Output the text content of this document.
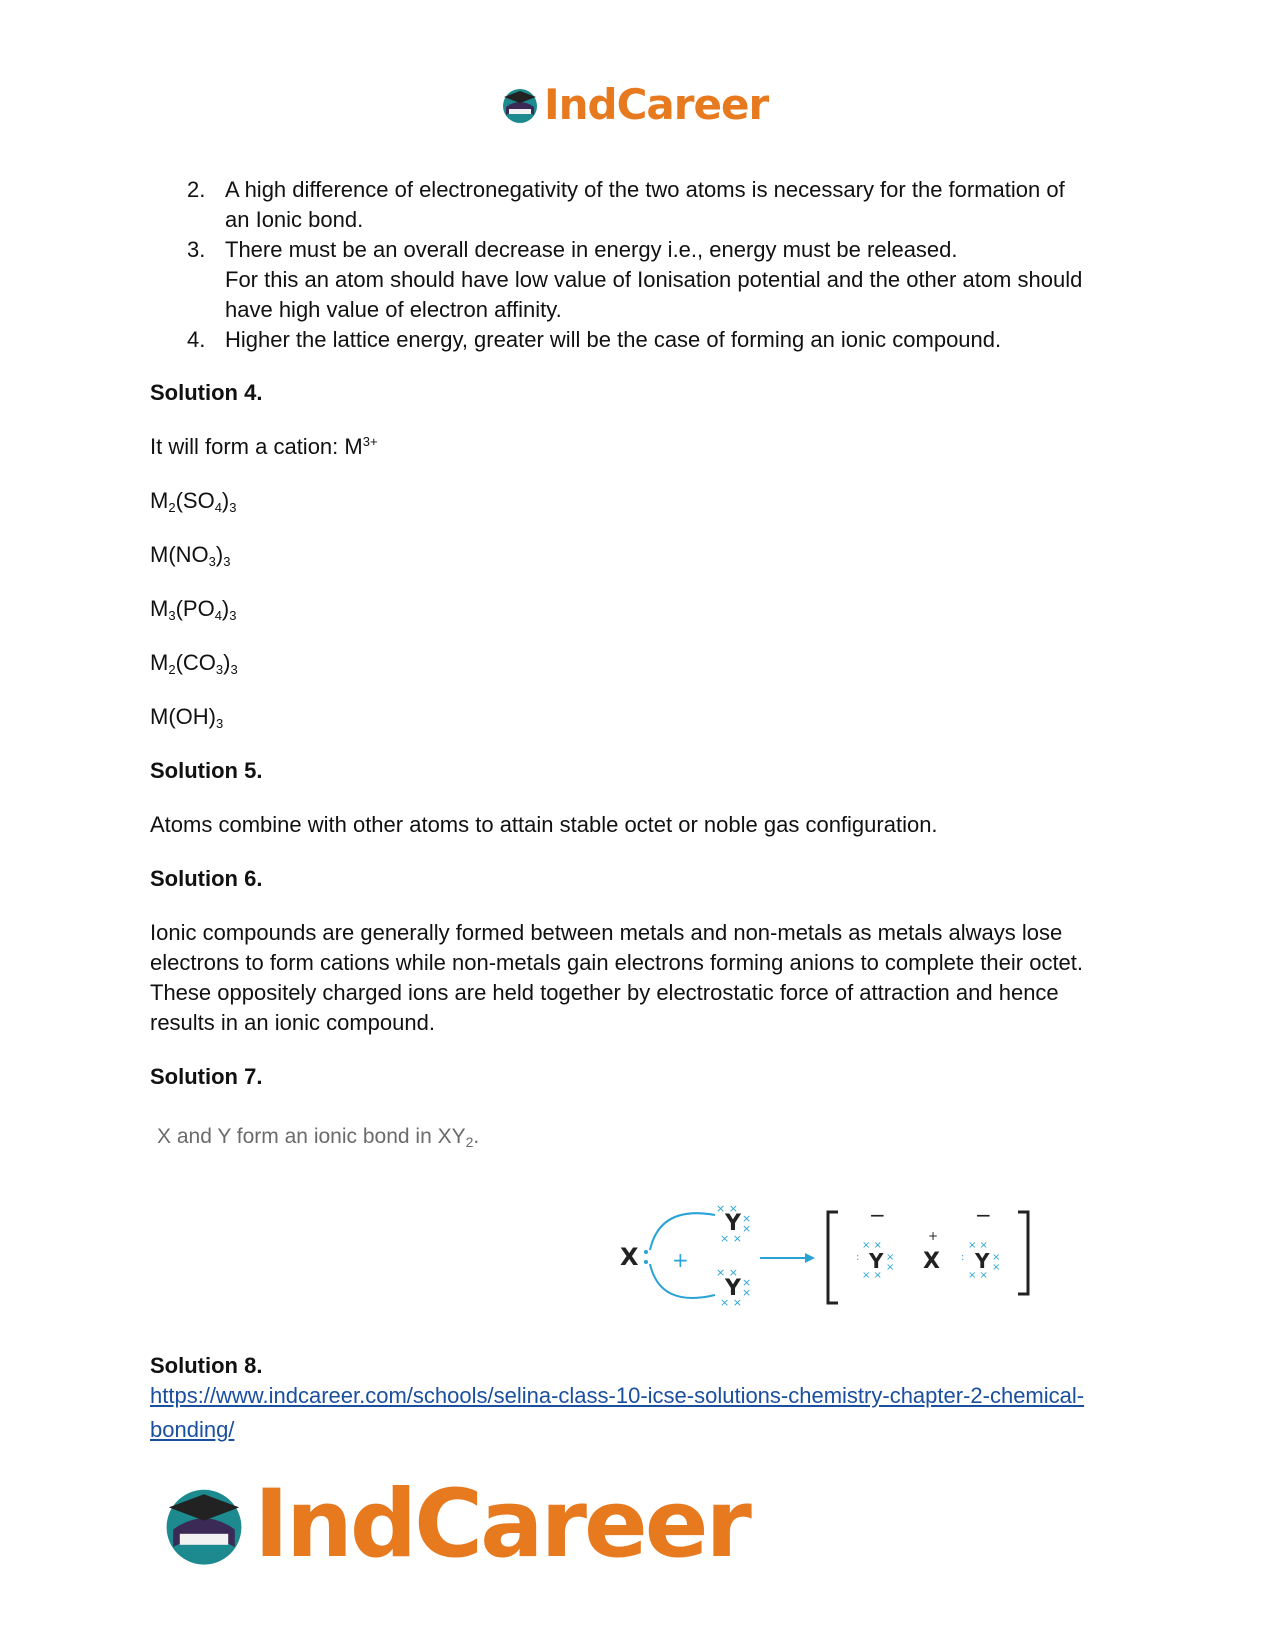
IndCareer
2. A high difference of electronegativity of the two atoms is necessary for the formation of
an Ionic bond.
3. There must be an overall decrease in energy i.e., energy must be released.
For this an atom should have low value of Ionisation potential and the other atom should
have high value of electron affinity.
4. Higher the lattice energy, greater will be the case of forming an ionic compound.

Solution 4.

It will form a cation: $M^{3+}$

$M_2(SO_4)_3$

$M(NO_3)_3$

$M_3(PO_4)_3$

$M_2(CO_3)_3$

$M(OH)_3$

Solution 5.

Atoms combine with other atoms to attain stable octet or noble gas configuration.

Solution 6.

Ionic compounds are generally formed between metals and non-metals as metals always lose
electrons to form cations while non-metals gain electrons forming anions to complete their octet.
These oppositely charged ions are held together by electrostatic force of attraction and hence
results in an ionic compound.

Solution 7.

X and Y form an ionic bond in $XY_2$.

X +
Y
Y
× ×
×
×
× ×
× ×
×
×
× ×
−
Y
+
X
−
Y
× ×
:	×
×
× ×
× ×
:	×
×
× ×

Solution 8.

https://www.indcareer.com/schools/selina-class-10-icse-solutions-chemistry-chapter-2-chemical-
bonding/
IndCareer
